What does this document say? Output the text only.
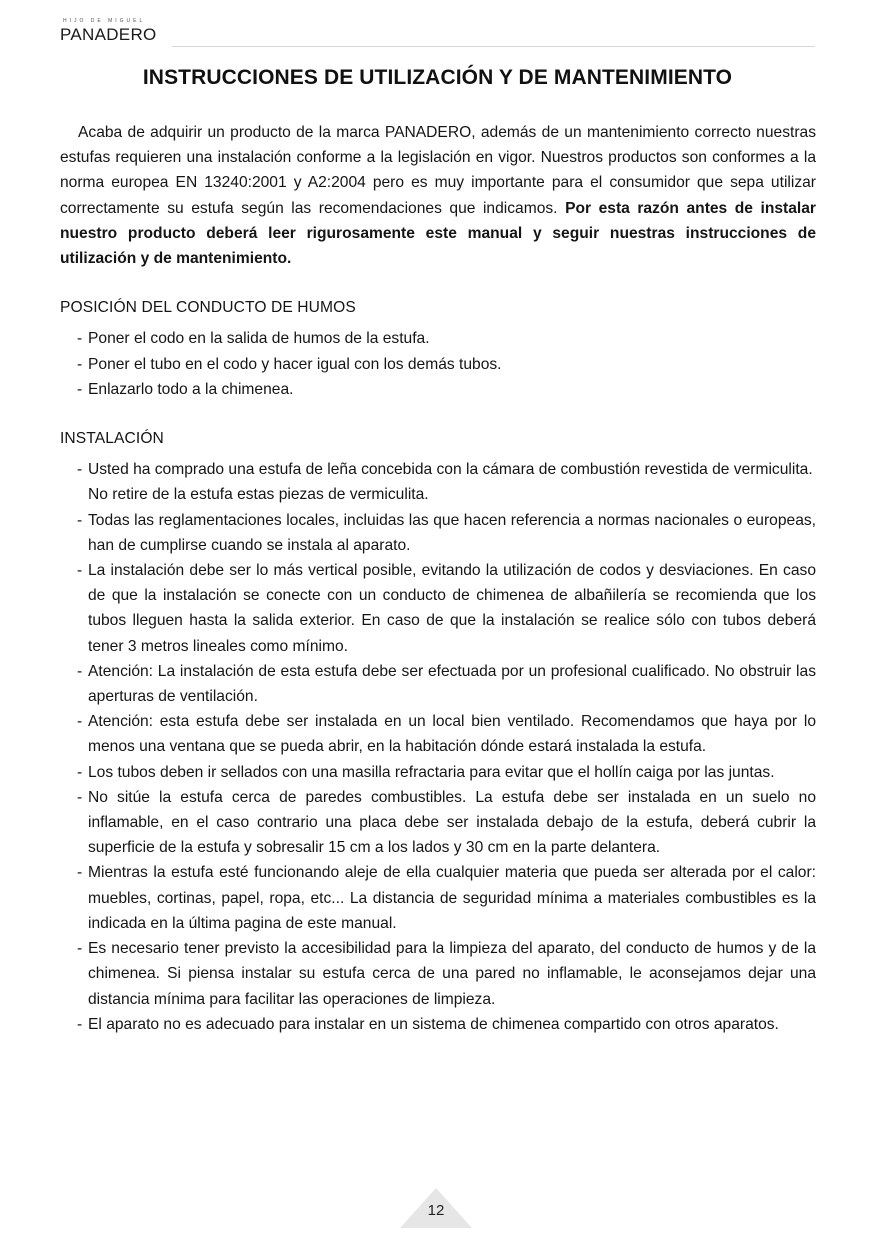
HIJO DE MIGUEL
PANADERO
INSTRUCCIONES DE UTILIZACIÓN Y DE MANTENIMIENTO

Acaba de adquirir un producto de la marca PANADERO, además de un mantenimiento correcto nuestras estufas requieren una instalación conforme a la legislación en vigor. Nuestros productos son conformes a la norma europea EN 13240:2001 y A2:2004 pero es muy importante para el consumidor que sepa utilizar correctamente su estufa según las recomendaciones que indicamos. Por esta razón antes de instalar nuestro producto deberá leer rigurosamente este manual y seguir nuestras instrucciones de utilización y de mantenimiento.

POSICIÓN DEL CONDUCTO DE HUMOS
- Poner el codo en la salida de humos de la estufa.
- Poner el tubo en el codo y hacer igual con los demás tubos.
- Enlazarlo todo a la chimenea.
INSTALACIÓN
- Usted ha comprado una estufa de leña concebida con la cámara de combustión revestida de vermiculita.
No retire de la estufa estas piezas de vermiculita.
- Todas las reglamentaciones locales, incluidas las que hacen referencia a normas nacionales o europeas, han de cumplirse cuando se instala al aparato.
- La instalación debe ser lo más vertical posible, evitando la utilización de codos y desviaciones. En caso de que la instalación se conecte con un conducto de chimenea de albañilería se recomienda que los tubos lleguen hasta la salida exterior. En caso de que la instalación se realice sólo con tubos deberá tener 3 metros lineales como mínimo.
- Atención: La instalación de esta estufa debe ser efectuada por un profesional cualificado. No obstruir las aperturas de ventilación.
- Atención: esta estufa debe ser instalada en un local bien ventilado. Recomendamos que haya por lo menos una ventana que se pueda abrir, en la habitación dónde estará instalada la estufa.
- Los tubos deben ir sellados con una masilla refractaria para evitar que el hollín caiga por las juntas.
- No sitúe la estufa cerca de paredes combustibles. La estufa debe ser instalada en un suelo no inflamable, en el caso contrario una placa debe ser instalada debajo de la estufa, deberá cubrir la superficie de la estufa y sobresalir 15 cm a los lados y 30 cm en la parte delantera.
- Mientras la estufa esté funcionando aleje de ella cualquier materia que pueda ser alterada por el calor: muebles, cortinas, papel, ropa, etc... La distancia de seguridad mínima a materiales combustibles es la indicada en la última pagina de este manual.
- Es necesario tener previsto la accesibilidad para la limpieza del aparato, del conducto de humos y de la chimenea. Si piensa instalar su estufa cerca de una pared no inflamable, le aconsejamos dejar una distancia mínima para facilitar las operaciones de limpieza.
- El aparato no es adecuado para instalar en un sistema de chimenea compartido con otros aparatos.
12
